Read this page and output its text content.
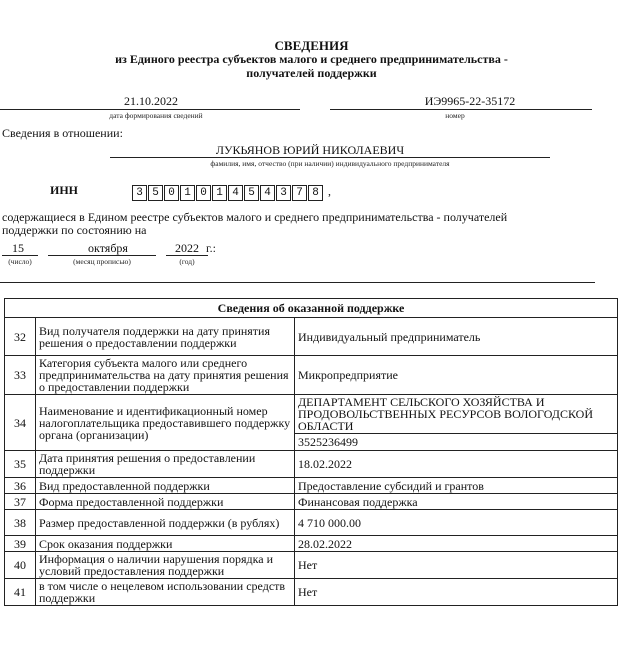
СВЕДЕНИЯ
из Единого реестра субъектов малого и среднего предпринимательства -
получателей поддержки
21.10.2022
дата формирования сведений
ИЭ9965-22-35172
номер
Сведения в отношении:
ЛУКЬЯНОВ ЮРИЙ НИКОЛАЕВИЧ
фамилия, имя, отчество (при наличии) индивидуального предпринимателя
ИНН	3 5 0 1 0 1 4 5 4 3 7 8 ,
содержащиеся в Едином реестре субъектов малого и среднего предпринимательства - получателей
поддержки по состоянию на
15
(число)
октября
(месяц прописью)
2022 г.:
(год)
Сведения об оказанной поддержке		
32	Вид получателя поддержки на дату принятия решения о предоставлении поддержки	Индивидуальный предприниматель
33	Категория субъекта малого или среднего предпринимательства на дату принятия решения о предоставлении поддержки	Микропредприятие
34	Наименование и идентификационный номер налогоплательщика предоставившего поддержку органа (организации)	ДЕПАРТАМЕНТ СЕЛЬСКОГО ХОЗЯЙСТВА И ПРОДОВОЛЬСТВЕННЫХ РЕСУРСОВ ВОЛОГОДСКОЙ ОБЛАСТИ
3525236499

35	Дата принятия решения о предоставлении поддержки	18.02.2022
36	Вид предоставленной поддержки	Предоставление субсидий и грантов
37	Форма предоставленной поддержки	Финансовая поддержка
38	Размер предоставленной поддержки (в рублях)	4 710 000.00
39	Срок оказания поддержки	28.02.2022
40	Информация о наличии нарушения порядка и условий предоставления поддержки	Нет
41	в том числе о нецелевом использовании средств поддержки	Нет
